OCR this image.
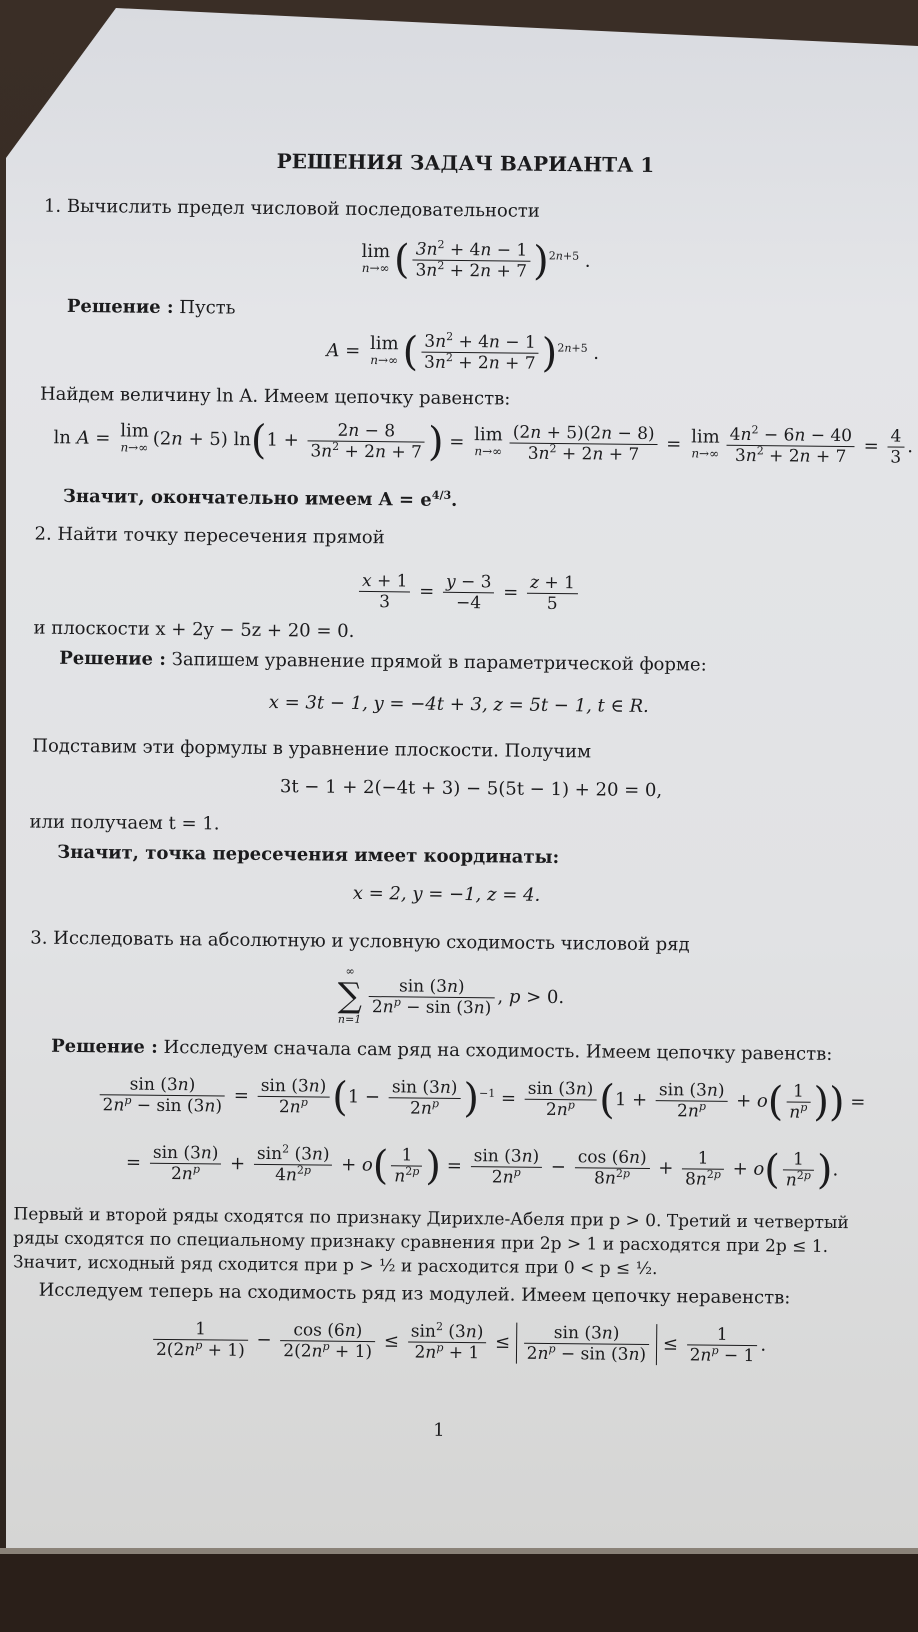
РЕШЕНИЯ ЗАДАЧ ВАРИАНТА 1
1. Вычислить предел числовой последовательности
lim
n→∞ ( $\frac{3n^2 + 4n - 1}{3n^2 + 2n + 7} )^{2n+5}$ .
Решение : Пусть
A = lim
n→∞ ( $\frac{3n^2 + 4n - 1}{3n^2 + 2n + 7} )^{2n+5}$ .
Найдем величину ln A. Имеем цепочку равенств:
ln A = lim
n→∞ (2n + 5) $\ln(1 + \frac{2n - 8}{3n^2 + 2n + 7}$ ) = lim
$n\to\infty \frac{(2n + 5)(2n - 8)}{3n^2 + 2n + 7} = \lim$
$n\to\infty \frac{4n^2 - 6n - 40}{3n^2 + 2n + 7} = \frac{4}{3}$ .
Значит, окончательно имеем $A = e^{4/3}$.
2. Найти точку пересечения прямой
$\frac{x + 1}{3} = \frac{y - 3}{-4} = \frac{z + 1}{5}$
и плоскости x + 2y − 5z + 20 = 0.
Решение : Запишем уравнение прямой в параметрической форме:
x = 3t − 1, y = −4t + 3, z = 5t − 1, t ∈ R.
Подставим эти формулы в уравнение плоскости. Получим
3t − 1 + 2(−4t + 3) − 5(5t − 1) + 20 = 0,
или получаем t = 1.
Значит, точка пересечения имеет координаты:
x = 2, y = −1, z = 4.
3. Исследовать на абсолютную и условную сходимость числовой ряд
∞
∑
n=1
$\frac{\sin (3n)}{2n^p - \sin (3n)}$ , p > 0.
Решение : Исследуем сначала сам ряд на сходимость. Имеем цепочку равенств:
$\frac{\sin (3n)}{2n^p - \sin (3n)} = \frac{\sin (3n)}{2n^p} (1 - \frac{\sin (3n)}{2n^p} )^{-1} = \frac{\sin (3n)}{2n^p} (1 + \frac{\sin (3n)}{2n^p} + o( \frac{1}{n^p}$ )) =
= $\frac{\sin (3n)}{2n^p} + \frac{\sin^2 (3n)}{4n^{2p}} + o( \frac{1}{n^{2p}}$ ) = $\frac{\sin (3n)}{2n^p} - \frac{\cos (6n)}{8n^{2p}} + \frac{1}{8n^{2p}} + o( \frac{1}{n^{2p}}$ ).
Первый и второй ряды сходятся по признаку Дирихле-Абеля при p > 0. Третий и четвертый
ряды сходятся по специальному признаку сравнения при 2p > 1 и расходятся при 2p ≤ 1.
Значит, исходный ряд сходится при p > ½ и расходится при 0 < p ≤ ½.
Исследуем теперь на сходимость ряд из модулей. Имеем цепочку неравенств:
$\frac{1}{2(2n^p + 1)} - \frac{\cos (6n)}{2(2n^p + 1)} \le \frac{\sin^2 (3n)}{2n^p + 1} \le \frac{\sin (3n)}{2n^p - \sin (3n)} \le \frac{1}{2n^p - 1}$ .
1
